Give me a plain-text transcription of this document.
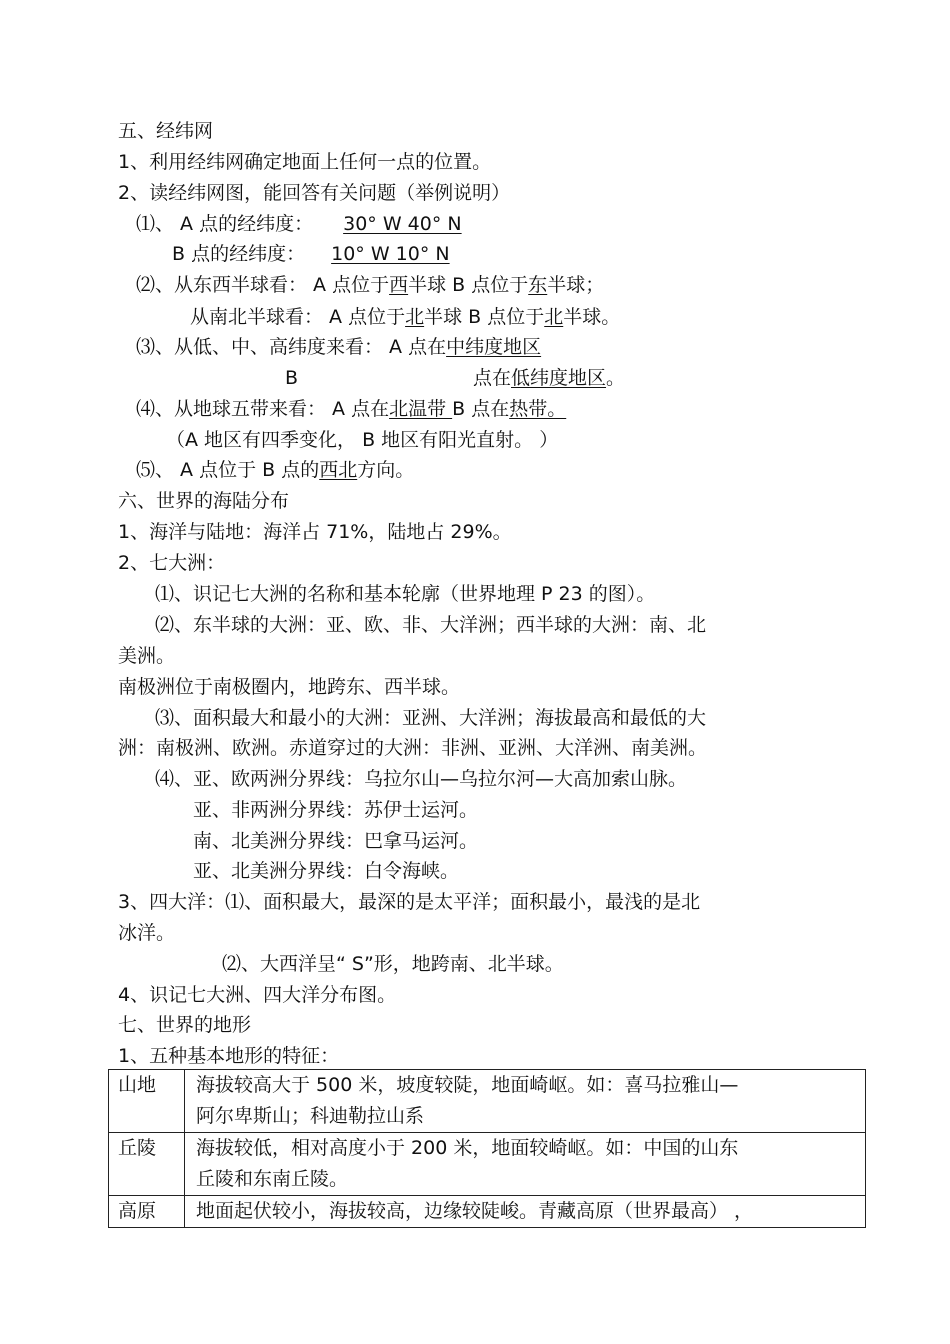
五、经纬网
1、利用经纬网确定地面上任何一点的位置。
2、读经纬网图，能回答有关问题（举例说明）
⑴、 A 点的经纬度： 30° W 40° N
B 点的经纬度： 10° W 10° N
⑵、从东西半球看： A 点位于西半球 B 点位于东半球；
从南北半球看： A 点位于北半球 B 点位于北半球。
⑶、从低、中、高纬度来看： A 点在中纬度地区
B	点在低纬度地区。
⑷、从地球五带来看： A 点在北温带 B 点在热带。
（A 地区有四季变化， B 地区有阳光直射。 ）
⑸、 A 点位于 B 点的西北方向。
六、世界的海陆分布
1、海洋与陆地：海洋占 71%，陆地占 29%。
2、七大洲：
⑴、识记七大洲的名称和基本轮廓（世界地理 P 23 的图）。
⑵、东半球的大洲：亚、欧、非、大洋洲；西半球的大洲：南、北
美洲。
南极洲位于南极圈内，地跨东、西半球。
⑶、面积最大和最小的大洲：亚洲、大洋洲；海拔最高和最低的大
洲：南极洲、欧洲。赤道穿过的大洲：非洲、亚洲、大洋洲、南美洲。
⑷、亚、欧两洲分界线：乌拉尔山—乌拉尔河—大高加索山脉。
亚、非两洲分界线：苏伊士运河。
南、北美洲分界线：巴拿马运河。
亚、北美洲分界线：白令海峡。
3、四大洋：⑴、面积最大，最深的是太平洋；面积最小，最浅的是北
冰洋。
⑵、大西洋呈“ S”形，地跨南、北半球。
4、识记七大洲、四大洋分布图。
七、世界的地形
1、五种基本地形的特征：
山地	海拔较高大于 500 米，坡度较陡，地面崎岖。如：喜马拉雅山—
阿尔卑斯山；科迪勒拉山系

丘陵	海拔较低，相对高度小于 200 米，地面较崎岖。如：中国的山东
丘陵和东南丘陵。

高原	地面起伏较小，海拔较高，边缘较陡峻。青藏高原（世界最高） ，
